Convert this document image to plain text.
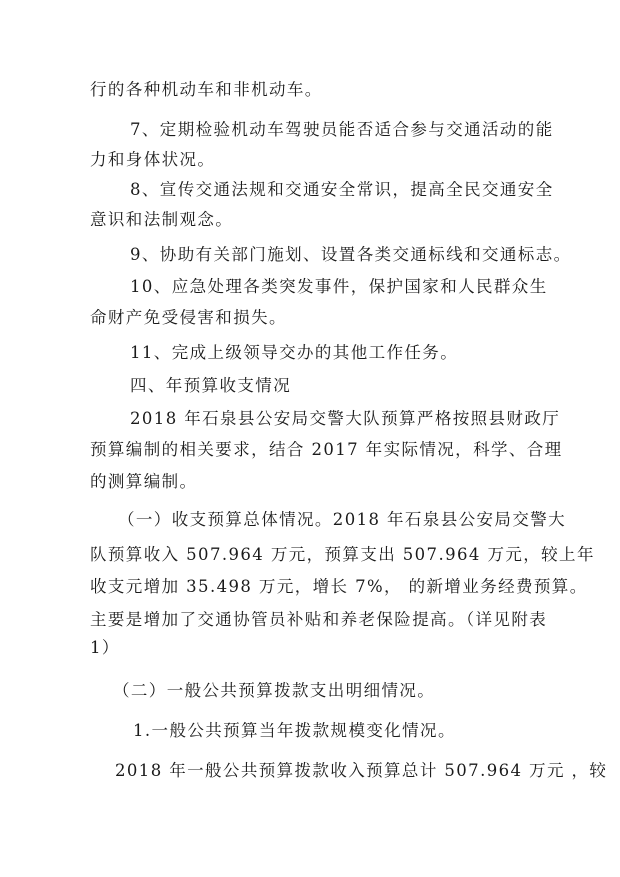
行的各种机动车和非机动车。
7、定期检验机动车驾驶员能否适合参与交通活动的能
力和身体状况。
8、宣传交通法规和交通安全常识，提高全民交通安全
意识和法制观念。
9、协助有关部门施划、设置各类交通标线和交通标志。
10、应急处理各类突发事件，保护国家和人民群众生
命财产免受侵害和损失。
11、完成上级领导交办的其他工作任务。
四、年预算收支情况
2018 年石泉县公安局交警大队预算严格按照县财政厅
预算编制的相关要求，结合 2017 年实际情况，科学、合理
的测算编制。
（一）收支预算总体情况。2018 年石泉县公安局交警大
队预算收入 507.964 万元，预算支出 507.964 万元，较上年
收支元增加 35.498 万元，增长 7%， 的新增业务经费预算。
主要是增加了交通协管员补贴和养老保险提高。（详见附表
1）
（二）一般公共预算拨款支出明细情况。
1.一般公共预算当年拨款规模变化情况。
2018 年一般公共预算拨款收入预算总计 507.964 万元 ，较
